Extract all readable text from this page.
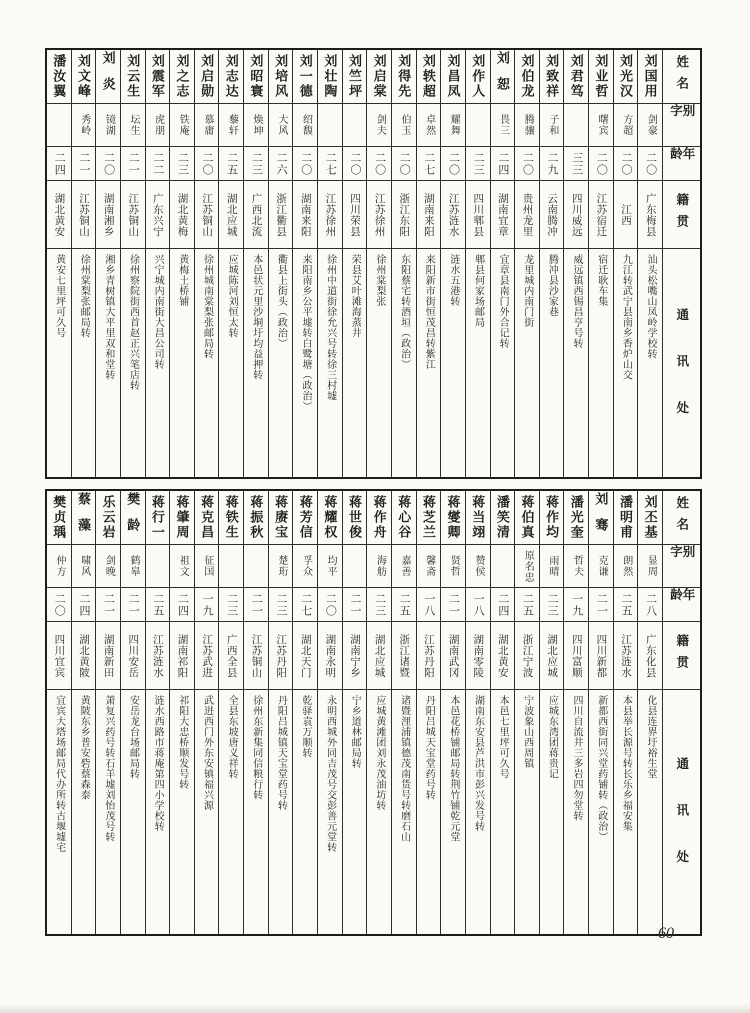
姓名
别字
年龄
籍贯
通讯处
刘国用
剑豪
二〇
广东梅县
汕头松嘴山凤岭学校转
刘光汉
方超
二〇
江西
九江转武宁县南乡香炉山交
刘业哲
曙宾
二〇
江苏宿迁
宿迁耿车集
刘君笃
三三
四川威远
威远镇西锡昌亨号转
刘致祥
子和
二九
云南腾冲
腾冲县沙家巷
刘伯龙
腾骧
二〇
贵州龙里
龙里城内南门街
刘恕
畏三
二四
湖南宜章
宜章县南门外合记转
刘作人
二三
四川郫县
郫县何家场邮局
刘昌凤
耀舞
二〇
江苏涟水
涟水五港转
刘轶超
卓然
二七
湖南来阳
来阳新市街恒茂昌转紫江
刘得先
伯玉
二〇
浙江东阳
东阳蔡宅转酒垣（政治）
刘启棠
剑夫
二〇
江苏徐州
徐州棠梨张
刘竺坪
二〇
四川荣县
荣县艾叶滩海蒸井
刘壮陶
二七
江苏徐州
徐州中道街徐允兴号转徐三村墟
刘一德
绍馥
二〇
湖南来阳
来阳南乡公平墟转白鹭塘（政治）
刘培风
大风
二六
浙江衢县
衢县上街头（政治）
刘昭寰
焕坤
二三
广西北流
本邑状元里沙垌圩均益押转
刘志达
藜轩
二五
湖北应城
应城陈河刘恒太转
刘启勋
慕庸
二〇
江苏铜山
徐州城南棠梨张邮局转
刘之志
铁庵
二三
湖北黄梅
黄梅土桥铺
刘震军
虎朋
二二
广东兴宁
兴宁城内南街大昌公司转
刘云生
坛生
二一
江苏铜山
徐州察院街西首赵正兴笔店转
刘炎
镜湖
二〇
湖南湘乡
湘乡青树镇大平里双和堂转
刘文峰
秀岭
二一
江苏铜山
徐州棠梨张邮局转
潘汝翼
二四
湖北黄安
黄安七里坪可久号
姓名
别字
年龄
籍贯
通讯处
刘丕基
显周
二八
广东化县
化县连界圩裕生堂
潘明甫
朗然
二五
江苏涟水
本县举长源号转长乐乡福安集
刘骞
克谦
二一
四川新都
新都西街同兴堂药铺转（政治）
潘光奎
哲夫
一九
四川富顺
四川自流井三多岩四勿堂转
蒋作均
雨晴
二三
湖北应城
应城东湾团蒋贵记
蒋伯真
原名忠
二五
浙江宁波
宁波象山西周镇
潘笑清
二四
湖北黄安
本邑七里坪可久号
蒋当翊
赞侯
一八
湖南零陵
湖南东安县芦洪市彭兴发号转
蒋燮卿
贤哲
二一
湖南武冈
本邑花桥铺邮局转荆竹铺乾元堂
蒋芝兰
馨斋
一八
江苏丹阳
丹阳吕城天宝堂药号转
蒋心谷
嘉善
二五
浙江诸暨
诸暨浬浦镇德茂南货号转磨石山
蒋作舟
海舫
二三
湖北应城
应城黄滩团刘永茂油坊转
蒋世俊
二一
湖南宁乡
宁乡道林邮局转
蒋耀权
均平
二〇
湖南永明
永明西城外同吉茂号交彭善元堂转
蒋芳信
孚众
二七
湖北天门
乾驿袁万顺转
蒋赓宝
楚珩
二三
江苏丹阳
丹阳吕城镇天宝堂药号转
蒋振秋
二一
江苏铜山
徐州东新集同信粮行转
蒋铁生
二三
广西全县
全县东坡唐义祥转
蒋克昌
征国
一九
江苏武进
武进西门外东安镇福兴源
蒋肇周
祖文
二四
湖南祁阳
祁阳大忠桥顺发号转
蒋行一
二五
江苏涟水
涟水西路市蒋庵第四小学校转
樊龄
鹤皋
二一
四川安岳
安岳龙台场邮局转
乐云岩
剑晚
二一
湖南新田
萧复兴药号转石羊墟刘怡茂号转
蔡藻
啸风
二四
湖北黄陂
黄陂东乡普安砦蔡森泰
樊贞瑀
仲方
二〇
四川宜宾
宜宾大塔场邮局代办所转古堰墟宅
60
